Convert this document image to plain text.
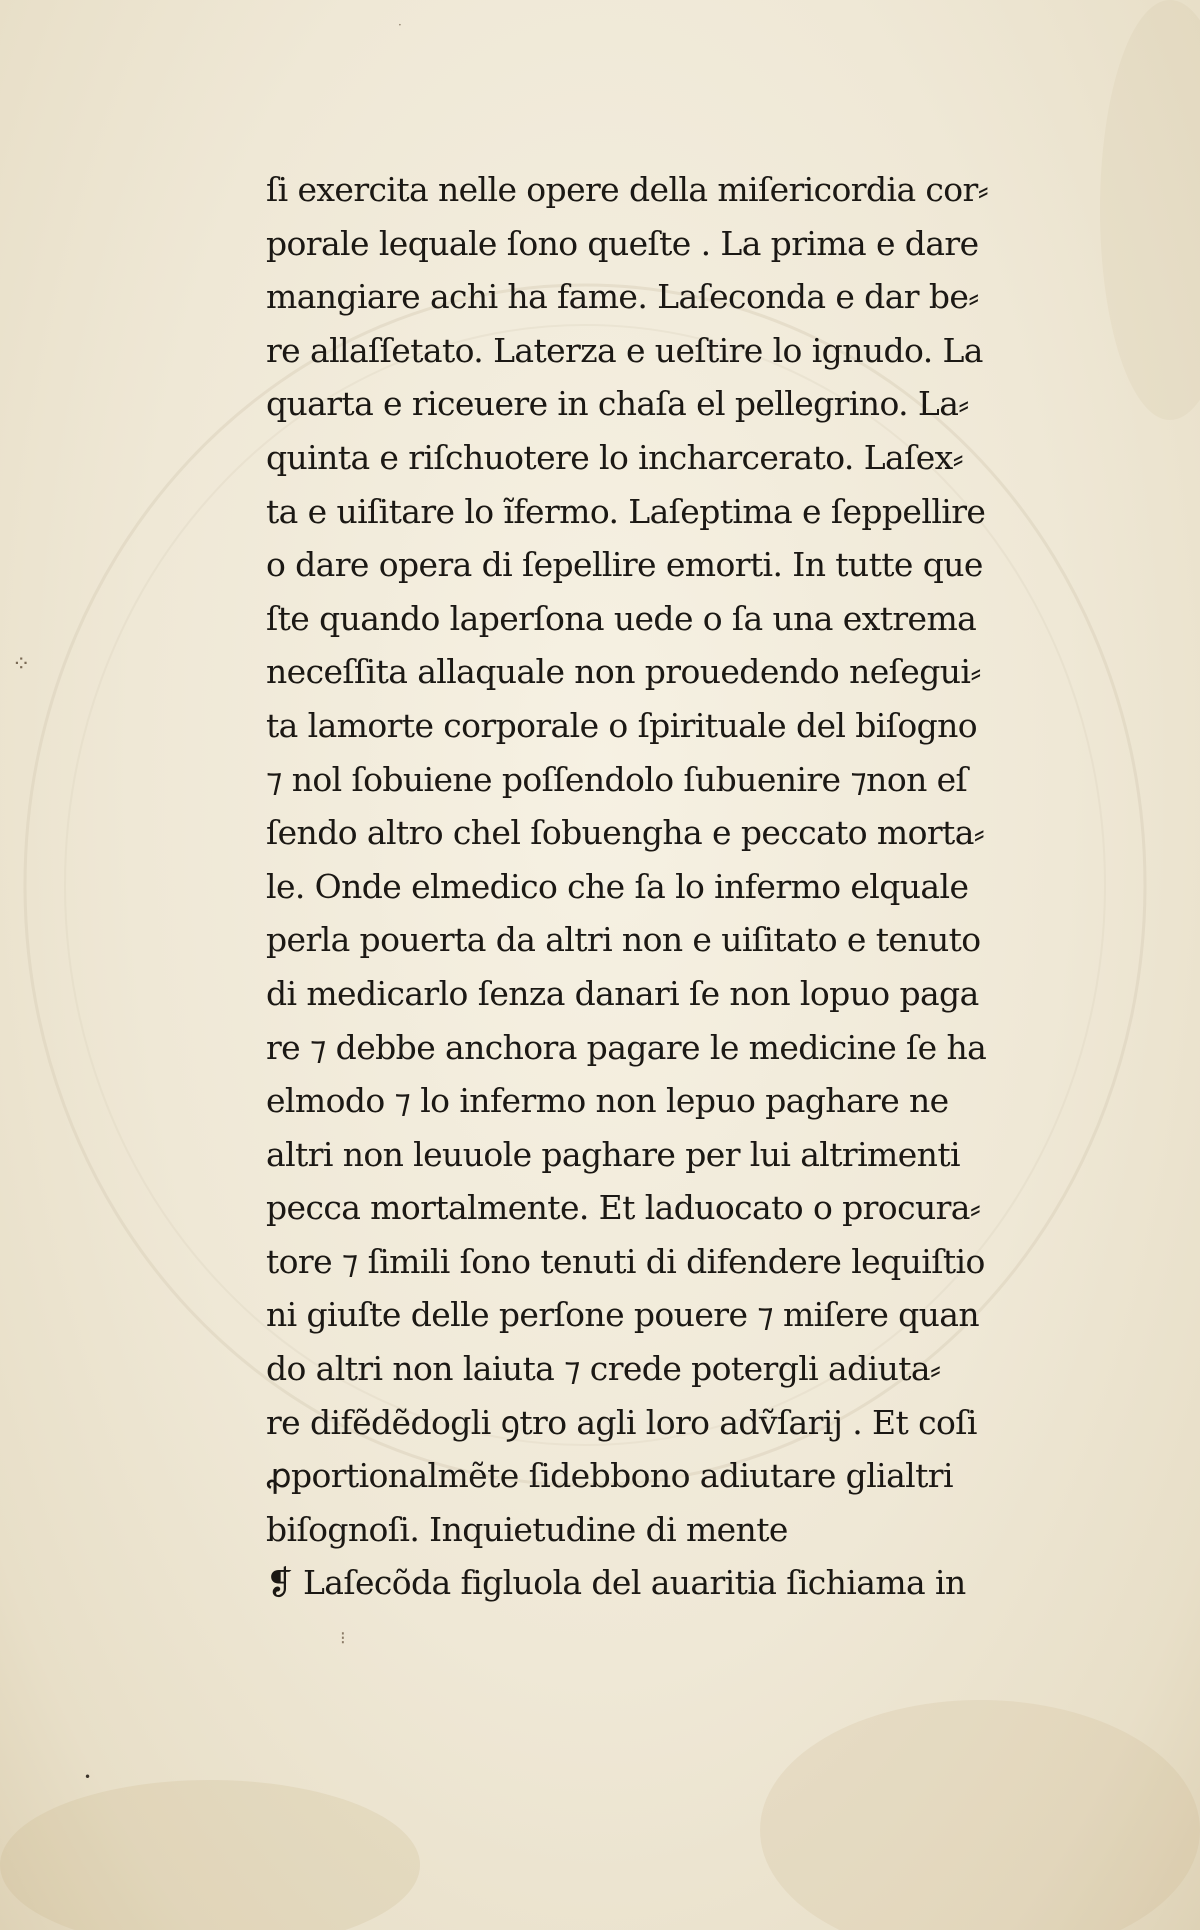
⁘
⁝
•
·
ſi exercita nelle opere della miſericordia cor⸗
porale lequale ſono queſte . La prima e dare
mangiare achi ha fame. Laſeconda e dar be⸗
re allaſſetato. Laterza e ueſtire lo ignudo. La
quarta e riceuere in chaſa el pellegrino. La⸗
quinta e riſchuotere lo incharcerato. Laſex⸗
ta e uiſitare lo ĩfermo. Laſeptima e ſeppellire
o dare opera di ſepellire emorti. In tutte que
ſte quando laperſona uede o ſa una extrema
neceſſita allaquale non prouedendo neſegui⸗
ta lamorte corporale o ſpirituale del biſogno
⁊ nol ſobuiene poſſendolo ſubuenire ⁊non eſ
ſendo altro chel ſobuengha e peccato morta⸗
le. Onde elmedico che ſa lo infermo elquale
perla pouerta da altri non e uiſitato e tenuto
di medicarlo ſenza danari ſe non lopuo paga
re ⁊ debbe anchora pagare le medicine ſe ha
elmodo ⁊ lo infermo non lepuo paghare ne
altri non leuuole paghare per lui altrimenti
pecca mortalmente. Et laduocato o procura⸗
tore ⁊ ſimili ſono tenuti di difendere lequiſtio
ni giuſte delle perſone pouere ⁊ miſere quan
do altri non laiuta ⁊ crede potergli adiuta⸗
re difẽdẽdogli ꝯtro agli loro adṽſarij . Et coſi
ꝓportionalmẽte ſidebbono adiutare glialtri
biſognoſi. Inquietudine di mente
❡ Laſecõda figluola del auaritia ſichiama in
